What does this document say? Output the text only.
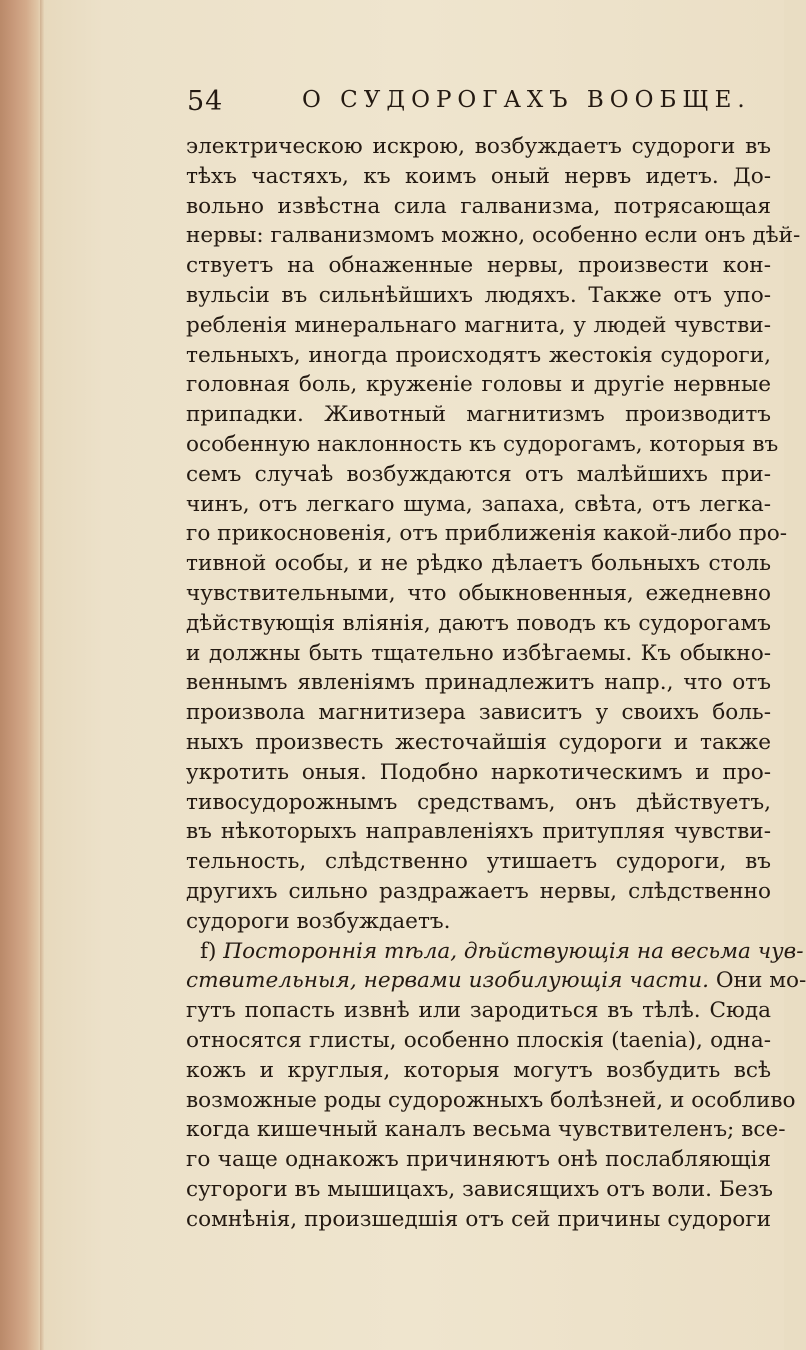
54	О СУДОРОГАХЪ ВООБЩЕ.
электрическою искрою, возбуждаетъ судороги въ
тѣхъ частяхъ, къ коимъ оный нервъ идетъ. До-
вольно извѣстна сила галванизма, потрясающая
нервы: галванизмомъ можно, особенно если онъ дѣй-
ствуетъ на обнаженные нервы, произвести кон-
вульсіи въ сильнѣйшихъ людяхъ. Также отъ упо-
ребленія минеральнаго магнита, у людей чувстви-
тельныхъ, иногда происходятъ жестокія судороги,
головная боль, круженіе головы и другіе нервные
припадки. Животный магнитизмъ производитъ
особенную наклонность къ судорогамъ, которыя въ
семъ случаѣ возбуждаются отъ малѣйшихъ при-
чинъ, отъ легкаго шума, запаха, свѣта, отъ легка-
го прикосновенія, отъ приближенія какой-либо про-
тивной особы, и не рѣдко дѣлаетъ больныхъ столь
чувствительными, что обыкновенныя, ежедневно
дѣйствующія вліянія, даютъ поводъ къ судорогамъ
и должны быть тщательно избѣгаемы. Къ обыкно-
веннымъ явленіямъ принадлежитъ напр., что отъ
произвола магнитизера зависитъ у своихъ боль-
ныхъ произвесть жесточайшія судороги и также
укротить оныя. Подобно наркотическимъ и про-
тивосудорожнымъ средствамъ, онъ дѣйствуетъ,
въ нѣкоторыхъ направленіяхъ притупляя чувстви-
тельность, слѣдственно утишаетъ судороги, въ
другихъ сильно раздражаетъ нервы, слѣдственно
судороги возбуждаетъ.
f) Постороннія тѣла, дѣйствующія на весьма чув-
ствительныя, нервами изобилующія части. Они мо-
гутъ попасть извнѣ или зародиться въ тѣлѣ. Сюда
относятся глисты, особенно плоскія (taenia), одна-
кожъ и круглыя, которыя могутъ возбудить всѣ
возможные роды судорожныхъ болѣзней, и особливо
когда кишечный каналъ весьма чувствителенъ; все-
го чаще однакожъ причиняютъ онѣ послабляющія
сугороги въ мышицахъ, зависящихъ отъ воли. Безъ
сомнѣнія, произшедшія отъ сей причины судороги
